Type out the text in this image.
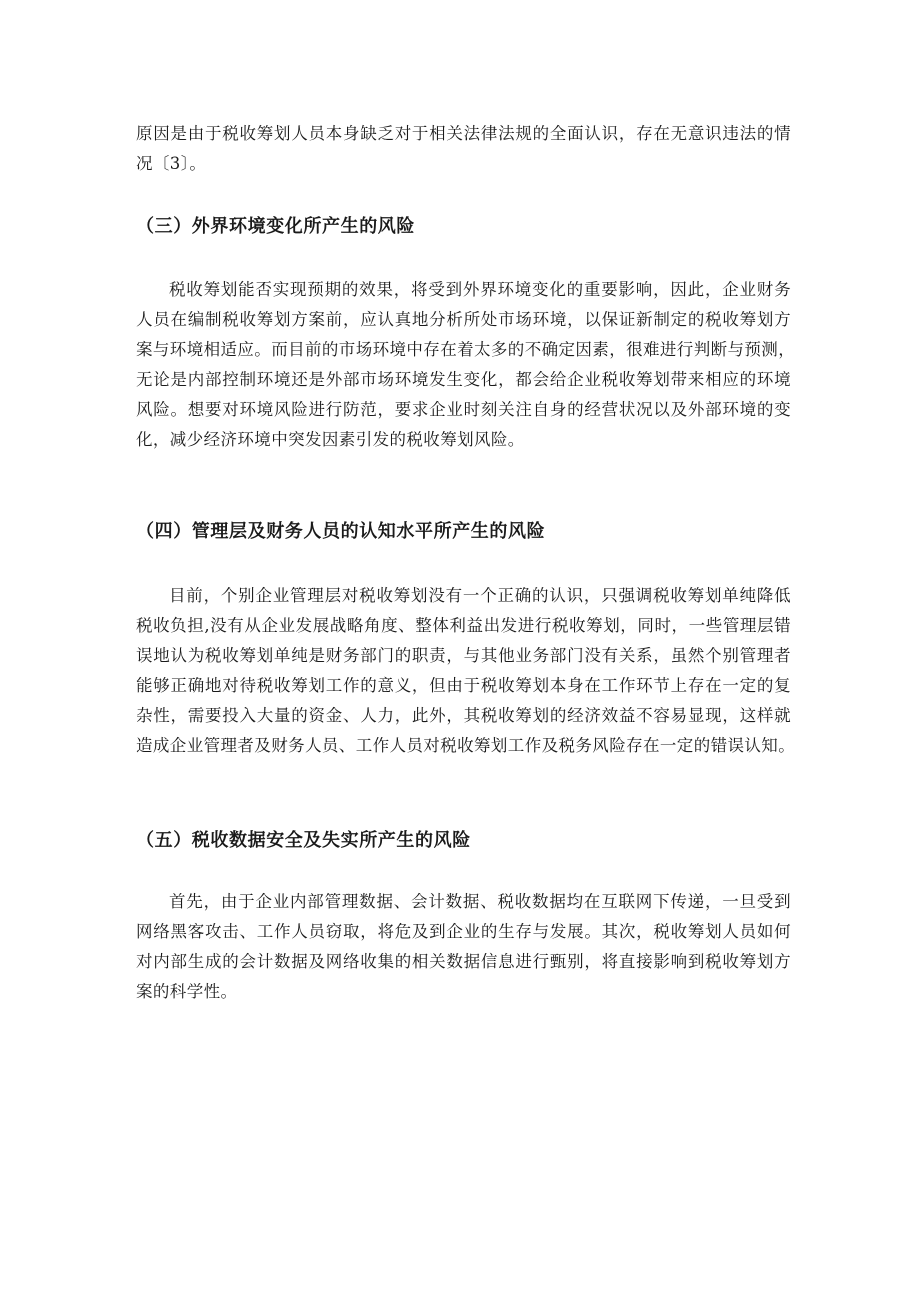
原因是由于税收筹划人员本身缺乏对于相关法律法规的全面认识，存在无意识违法的情
况〔3〕。
（三）外界环境变化所产生的风险
税收筹划能否实现预期的效果，将受到外界环境变化的重要影响，因此，企业财务
人员在编制税收筹划方案前，应认真地分析所处市场环境，以保证新制定的税收筹划方
案与环境相适应。而目前的市场环境中存在着太多的不确定因素，很难进行判断与预测，
无论是内部控制环境还是外部市场环境发生变化，都会给企业税收筹划带来相应的环境
风险。想要对环境风险进行防范，要求企业时刻关注自身的经营状况以及外部环境的变
化，减少经济环境中突发因素引发的税收筹划风险。
（四）管理层及财务人员的认知水平所产生的风险
目前，个别企业管理层对税收筹划没有一个正确的认识，只强调税收筹划单纯降低
税收负担,没有从企业发展战略角度、整体利益出发进行税收筹划，同时，一些管理层错
误地认为税收筹划单纯是财务部门的职责，与其他业务部门没有关系，虽然个别管理者
能够正确地对待税收筹划工作的意义，但由于税收筹划本身在工作环节上存在一定的复
杂性，需要投入大量的资金、人力，此外，其税收筹划的经济效益不容易显现，这样就
造成企业管理者及财务人员、工作人员对税收筹划工作及税务风险存在一定的错误认知。
（五）税收数据安全及失实所产生的风险
首先，由于企业内部管理数据、会计数据、税收数据均在互联网下传递，一旦受到
网络黑客攻击、工作人员窃取，将危及到企业的生存与发展。其次，税收筹划人员如何
对内部生成的会计数据及网络收集的相关数据信息进行甄别，将直接影响到税收筹划方
案的科学性。
